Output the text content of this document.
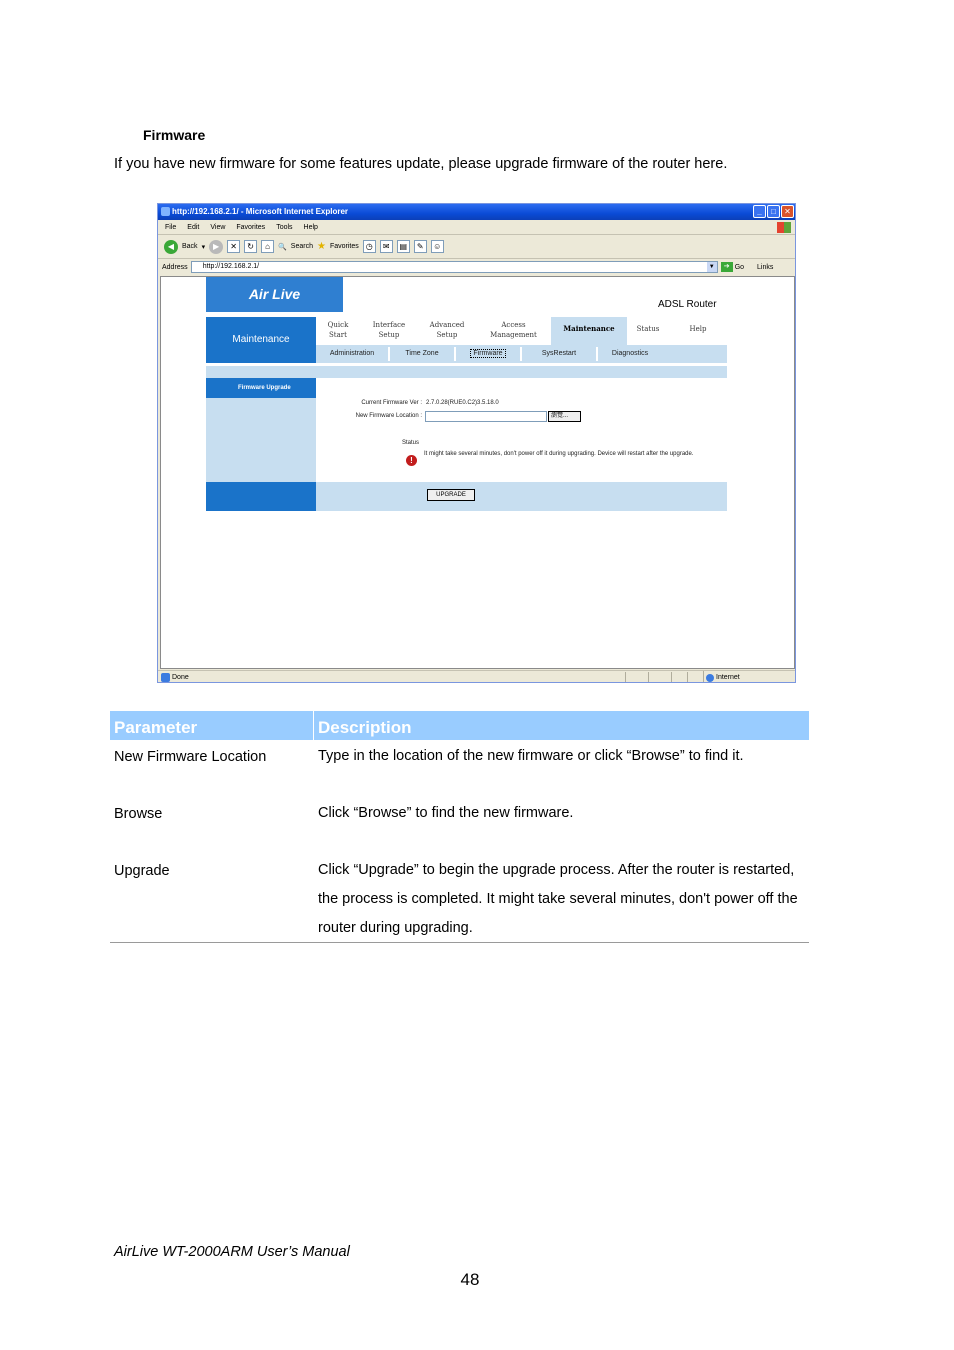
Firmware
If you have new firmware for some features update, please upgrade firmware of the router here.
http://192.168.2.1/ - Microsoft Internet Explorer	_	□	✕
File Edit View Favorites Tools Help
◀	Back ▾ ▶	✕	↻	⌂	🔍 Search ★ Favorites ◷	✉	▤	✎	☺
Address	http://192.168.2.1/	▼	➔ Go Links
Air Live
ADSL Router
Maintenance
Quick
Start
Interface
Setup
Advanced
Setup
Access
Management
Maintenance	Status	Help
Administration	Time Zone	Firmware	SysRestart	Diagnostics
Firmware Upgrade
Current Firmware Ver : 2.7.0.28(RUE0.C2)3.5.18.0
New Firmware Location :	瀏覽...
Status
!
It might take several minutes, don't power off it during upgrading. Device will restart after the upgrade.
UPGRADE
Done	Internet
Parameter	Description
New Firmware Location	Type in the location of the new firmware or click “Browse” to find it.
Browse	Click “Browse” to find the new firmware.
Upgrade	Click “Upgrade” to begin the upgrade process. After the router is restarted, the process is completed. It might take several minutes, don't power off the router during upgrading.
AirLive WT-2000ARM User’s Manual
48
